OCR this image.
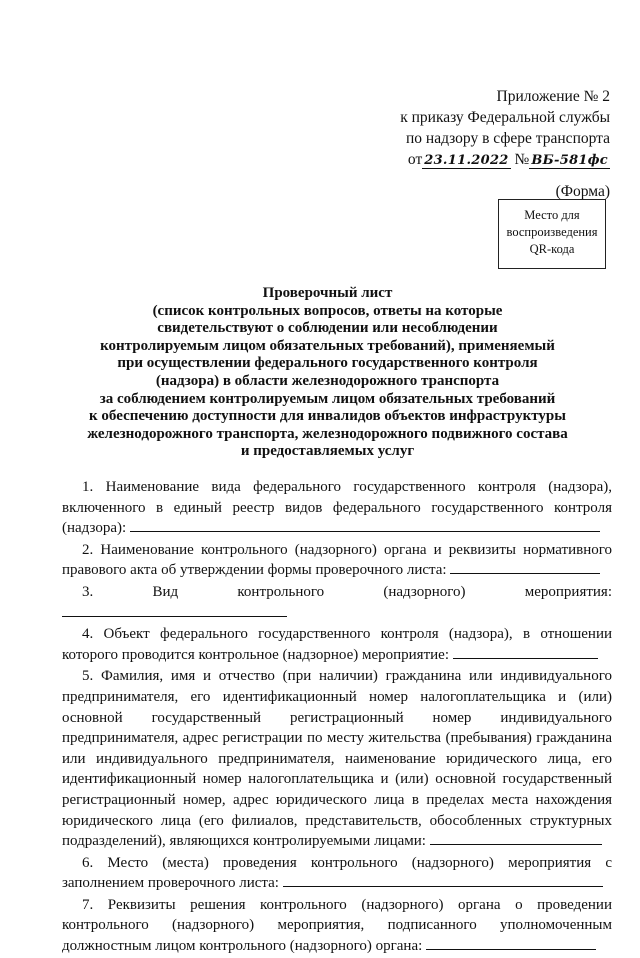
Приложение № 2
к приказу Федеральной службы
по надзору в сфере транспорта
от 23.11.2022 № ВБ-581фс
(Форма)
Место для
воспроизведения
QR-кода
Проверочный лист
(список контрольных вопросов, ответы на которые
свидетельствуют о соблюдении или несоблюдении
контролируемым лицом обязательных требований), применяемый
при осуществлении федерального государственного контроля
(надзора) в области железнодорожного транспорта
за соблюдением контролируемым лицом обязательных требований
к обеспечению доступности для инвалидов объектов инфраструктуры
железнодорожного транспорта, железнодорожного подвижного состава
и предоставляемых услуг

1. Наименование вида федерального государственного контроля (надзора), включенного в единый реестр видов федерального государственного контроля (надзора):

2. Наименование контрольного (надзорного) органа и реквизиты нормативного правового акта об утверждении формы проверочного листа:

3. Вид контрольного (надзорного) мероприятия:

4. Объект федерального государственного контроля (надзора), в отношении которого проводится контрольное (надзорное) мероприятие:

5. Фамилия, имя и отчество (при наличии) гражданина или индивидуального предпринимателя, его идентификационный номер налогоплательщика и (или) основной государственный регистрационный номер индивидуального предпринимателя, адрес регистрации по месту жительства (пребывания) гражданина или индивидуального предпринимателя, наименование юридического лица, его идентификационный номер налогоплательщика и (или) основной государственный регистрационный номер, адрес юридического лица в пределах места нахождения юридического лица (его филиалов, представительств, обособленных структурных подразделений), являющихся контролируемыми лицами:

6. Место (места) проведения контрольного (надзорного) мероприятия с заполнением проверочного листа:

7. Реквизиты решения контрольного (надзорного) органа о проведении контрольного (надзорного) мероприятия, подписанного уполномоченным должностным лицом контрольного (надзорного) органа:
